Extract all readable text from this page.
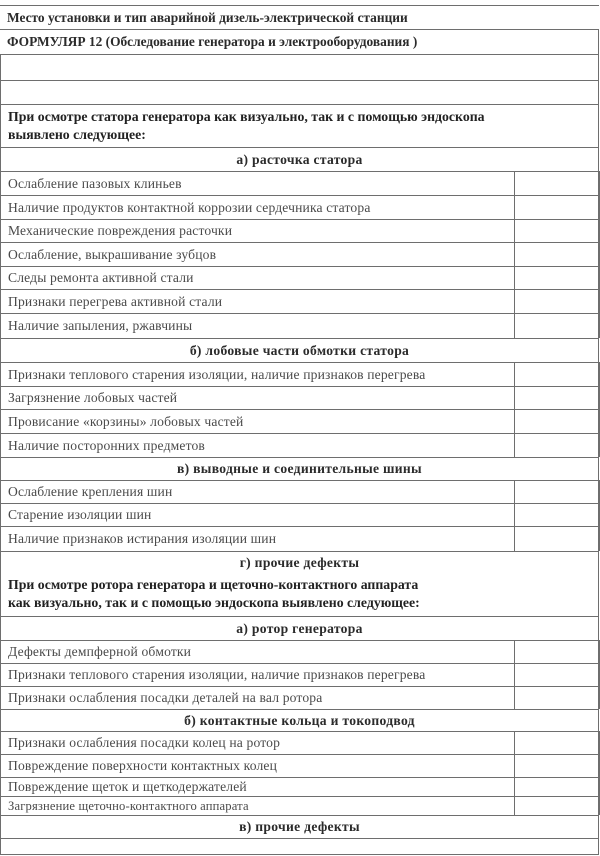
Место установки и тип аварийной дизель-электрической станции
ФОРМУЛЯР 12 (Обследование генератора и электрооборудования )
При осмотре статора генератора как визуально, так и с помощью эндоскопа
выявлено следующее:
а) расточка статора
Ослабление пазовых клиньев
Наличие продуктов контактной коррозии сердечника статора
Механические повреждения расточки
Ослабление, выкрашивание зубцов
Следы ремонта активной стали
Признаки перегрева активной стали
Наличие запыления, ржавчины
б) лобовые части обмотки статора
Признаки теплового старения изоляции, наличие признаков перегрева
Загрязнение лобовых частей
Провисание «корзины» лобовых частей
Наличие посторонних предметов
в) выводные и соединительные шины
Ослабление крепления шин
Старение изоляции шин
Наличие признаков истирания изоляции шин
г) прочие дефекты
При осмотре ротора генератора и щеточно-контактного аппарата
как визуально, так и с помощью эндоскопа выявлено следующее:
а) ротор генератора
Дефекты демпферной обмотки
Признаки теплового старения изоляции, наличие признаков перегрева
Признаки ослабления посадки деталей на вал ротора
б) контактные кольца и токоподвод
Признаки ослабления посадки колец на ротор
Повреждение поверхности контактных колец
Повреждение щеток и щеткодержателей
Загрязнение щеточно-контактного аппарата
в) прочие дефекты
